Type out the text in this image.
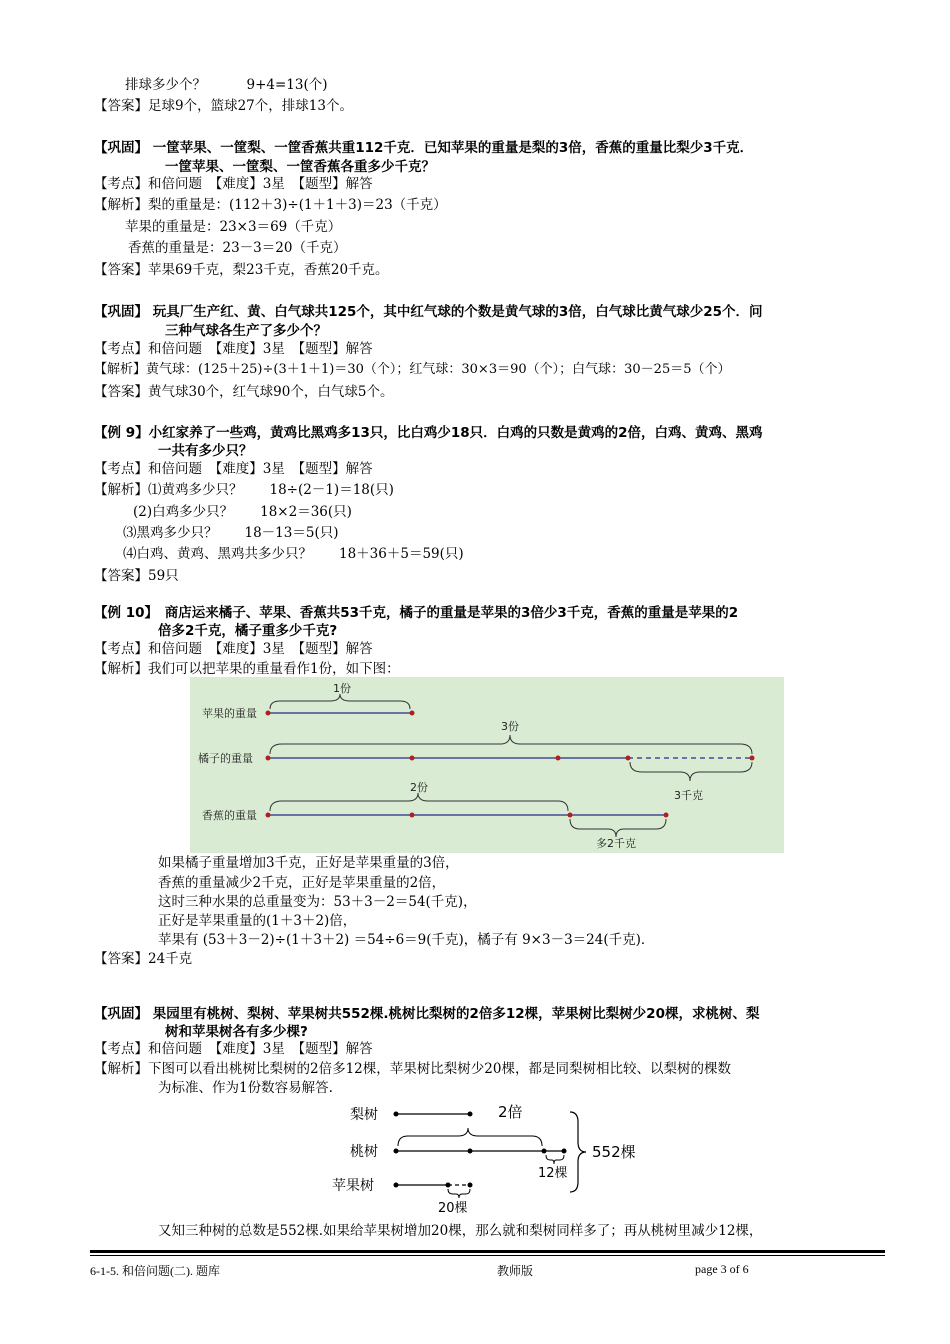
排球多少个？　　　9+4=13(个)
【答案】足球9个，篮球27个，排球13个。
【巩固】 一筐苹果、一筐梨、一筐香蕉共重112千克．已知苹果的重量是梨的3倍，香蕉的重量比梨少3千克．
一筐苹果、一筐梨、一筐香蕉各重多少千克？
【考点】和倍问题　【难度】3星　【题型】解答
【解析】梨的重量是：(112＋3)÷(1＋1＋3)＝23（千克）
苹果的重量是：23×3＝69（千克）
香蕉的重量是：23－3＝20（千克）
【答案】苹果69千克，梨23千克，香蕉20千克。
【巩固】 玩具厂生产红、黄、白气球共125个，其中红气球的个数是黄气球的3倍，白气球比黄气球少25个．问
三种气球各生产了多少个？
【考点】和倍问题　【难度】3星　【题型】解答
【解析】黄气球：(125＋25)÷(3＋1＋1)＝30（个）；红气球：30×3＝90（个）；白气球：30－25＝5（个）
【答案】黄气球30个，红气球90个，白气球5个。
【例 9】小红家养了一些鸡，黄鸡比黑鸡多13只，比白鸡少18只．白鸡的只数是黄鸡的2倍，白鸡、黄鸡、黑鸡
一共有多少只？
【考点】和倍问题　【难度】3星　【题型】解答
【解析】⑴黄鸡多少只？　　18÷(2－1)＝18(只)
(2)白鸡多少只？　　18×2＝36(只)
⑶黑鸡多少只？　　18－13＝5(只)
⑷白鸡、黄鸡、黑鸡共多少只？　　18＋36＋5＝59(只)
【答案】59只
【例 10】　商店运来橘子、苹果、香蕉共53千克，橘子的重量是苹果的3倍少3千克，香蕉的重量是苹果的2
倍多2千克，橘子重多少千克?
【考点】和倍问题　【难度】3星　【题型】解答
【解析】我们可以把苹果的重量看作1份，如下图：
苹果的重量
1份
橘子的重量
3份
3千克
香蕉的重量
2份
多2千克
如果橘子重量增加3千克，正好是苹果重量的3倍，
香蕉的重量减少2千克，正好是苹果重量的2倍，
这时三种水果的总重量变为：53＋3－2＝54(千克)，
正好是苹果重量的(1＋3＋2)倍，
苹果有 (53＋3－2)÷(1＋3＋2) ＝54÷6＝9(千克)，橘子有 9×3－3＝24(千克)．
【答案】24千克
【巩固】 果园里有桃树、梨树、苹果树共552棵.桃树比梨树的2倍多12棵，苹果树比梨树少20棵，求桃树、梨
树和苹果树各有多少棵?
【考点】和倍问题　【难度】3星　【题型】解答
【解析】下图可以看出桃树比梨树的2倍多12棵，苹果树比梨树少20棵，都是同梨树相比较、以梨树的棵数
为标准、作为1份数容易解答.
梨树	2倍
桃树
12棵
苹果树
20棵
552棵
又知三种树的总数是552棵.如果给苹果树增加20棵，那么就和梨树同样多了；再从桃树里减少12棵，
6-1-5. 和倍问题(二). 题库	教师版	page 3 of 6
